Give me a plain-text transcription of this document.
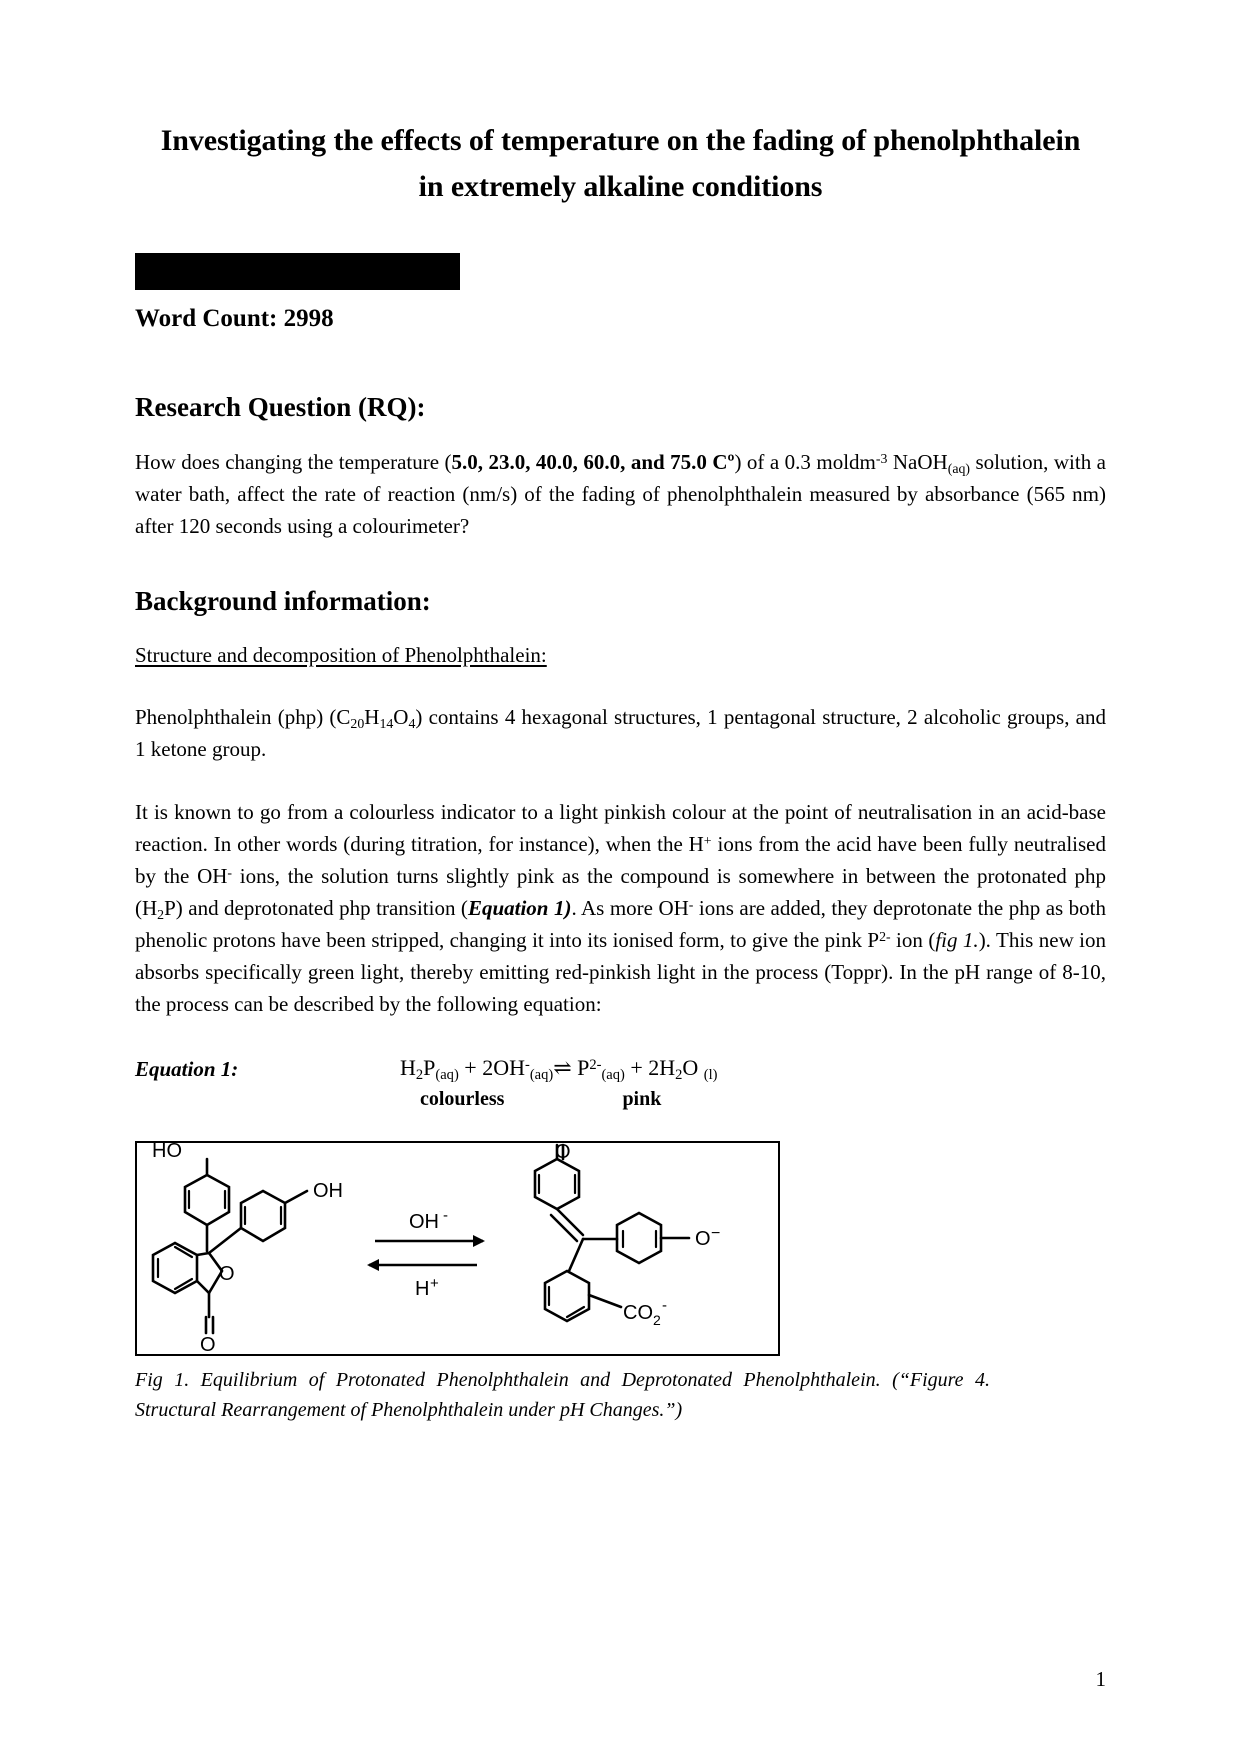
Investigating the effects of temperature on the fading of phenolphthalein in extremely alkaline conditions
Word Count: 2998
Research Question (RQ):

How does changing the temperature (5.0, 23.0, 40.0, 60.0, and 75.0 Cº) of a 0.3 moldm$^{-3}$ NaOH$_{(aq)}$ solution, with a water bath, affect the rate of reaction (nm/s) of the fading of phenolphthalein measured by absorbance (565 nm) after 120 seconds using a colourimeter?

Background information:
Structure and decomposition of Phenolphthalein:

Phenolphthalein (php) $(C_{20}H_{14}O_4)$ contains 4 hexagonal structures, 1 pentagonal structure, 2 alcoholic groups, and 1 ketone group.

It is known to go from a colourless indicator to a light pinkish colour at the point of neutralisation in an acid-base reaction. In other words (during titration, for instance), when the H+ ions from the acid have been fully neutralised by the OH- ions, the solution turns slightly pink as the compound is somewhere in between the protonated php $(H_2P)$ and deprotonated php transition (Equation 1). As more OH- ions are added, they deprotonate the php as both phenolic protons have been stripped, changing it into its ionised form, to give the pink $P^{2-}$ ion (fig 1.). This new ion absorbs specifically green light, thereby emitting red-pinkish light in the process (Toppr). In the pH range of 8-10, the process can be described by the following equation:

Equation 1:	$H_2P_{(aq)}$ + $2OH^-_{(aq)}\rightleftharpoons$ $P^{2-}_{(aq)} + 2H_2O$ $_{(l)}$
colourless	pink
HO
OH
O
O
OH -
H +
O −
CO 2
-
O
Fig 1. Equilibrium of Protonated Phenolphthalein and Deprotonated Phenolphthalein. (“Figure 4. Structural Rearrangement of Phenolphthalein under pH Changes.”)
1
